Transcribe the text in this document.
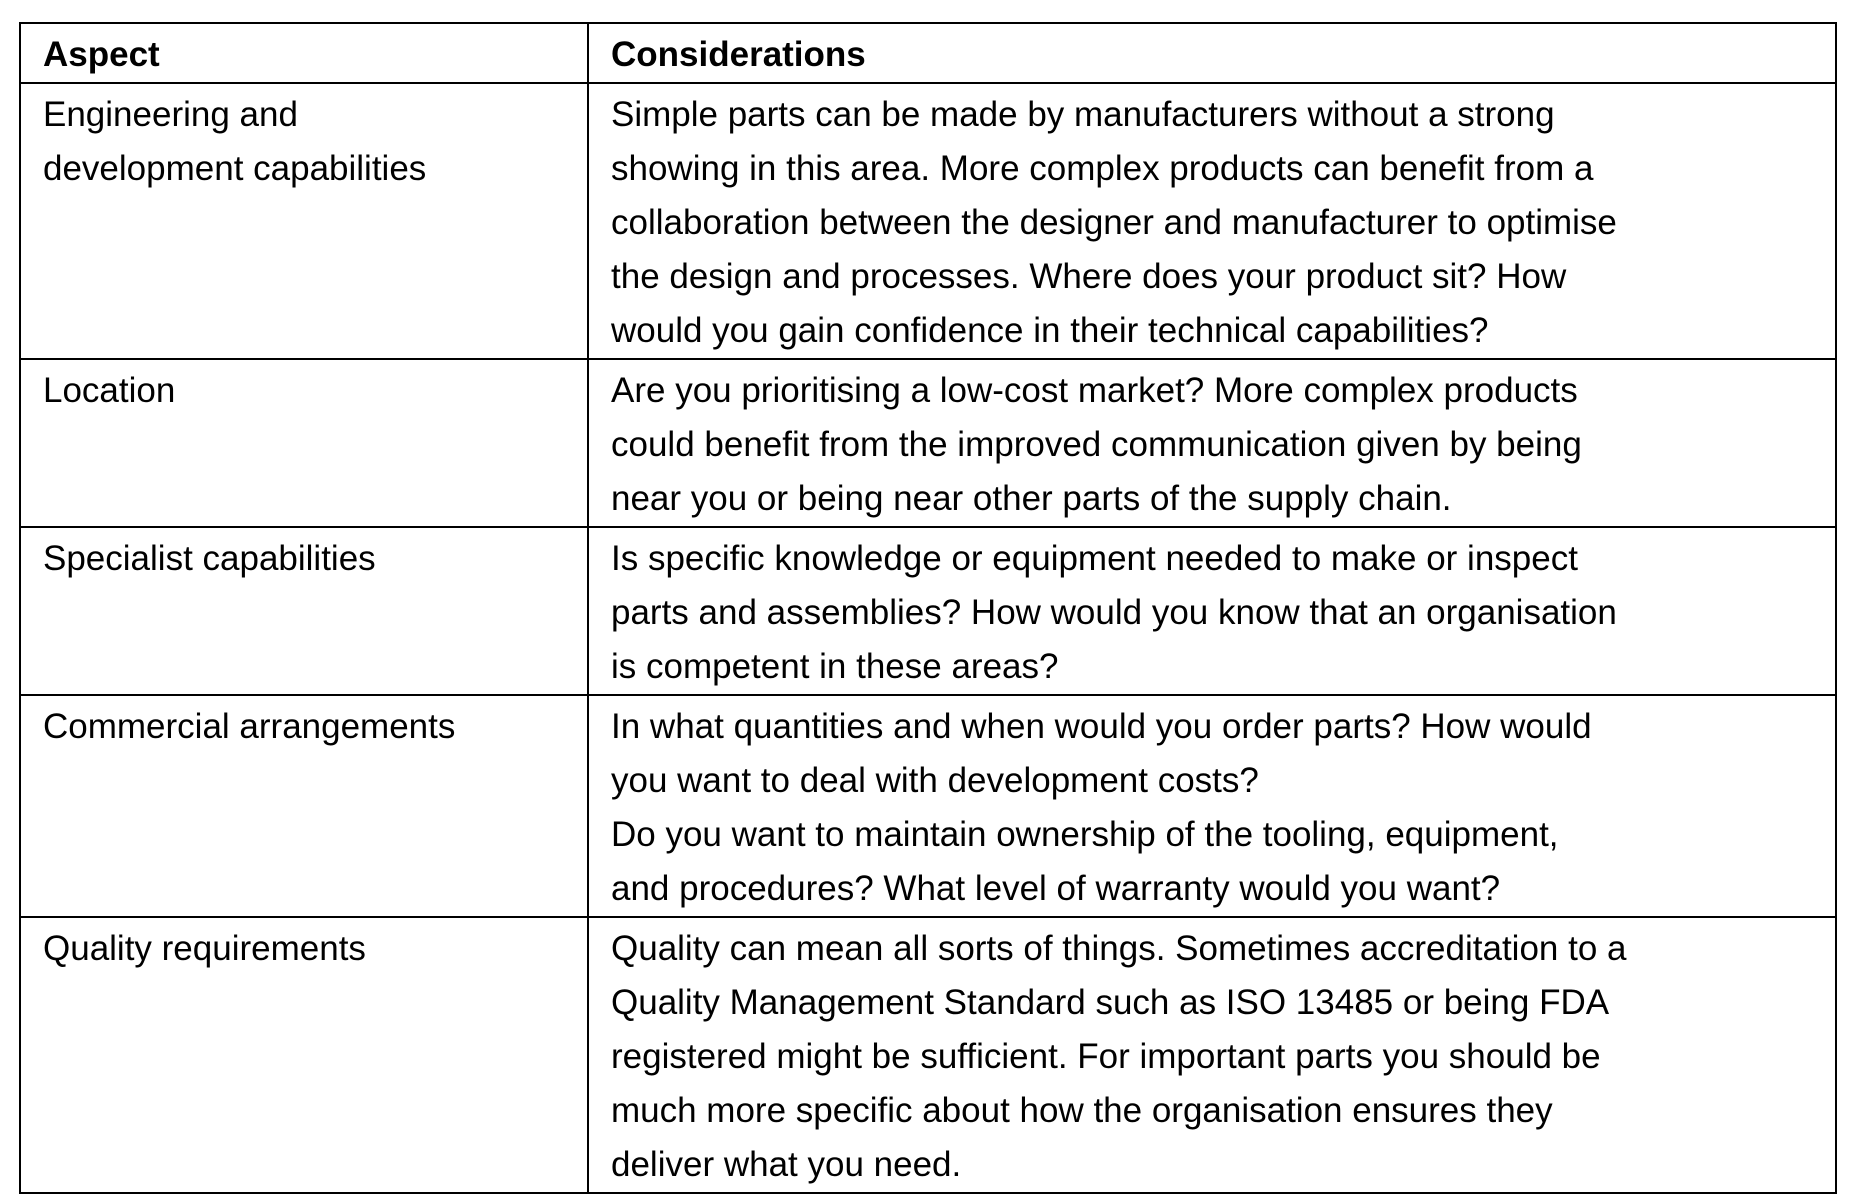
Aspect	Considerations

Engineering and
development capabilities	Simple parts can be made by manufacturers without a strong
showing in this area. More complex products can benefit from a
collaboration between the designer and manufacturer to optimise
the design and processes. Where does your product sit? How
would you gain confidence in their technical capabilities?

Location	Are you prioritising a low-cost market? More complex products
could benefit from the improved communication given by being
near you or being near other parts of the supply chain.

Specialist capabilities	Is specific knowledge or equipment needed to make or inspect
parts and assemblies? How would you know that an organisation
is competent in these areas?

Commercial arrangements	In what quantities and when would you order parts? How would
you want to deal with development costs?
Do you want to maintain ownership of the tooling, equipment,
and procedures? What level of warranty would you want?

Quality requirements	Quality can mean all sorts of things. Sometimes accreditation to a
Quality Management Standard such as ISO 13485 or being FDA
registered might be sufficient. For important parts you should be
much more specific about how the organisation ensures they
deliver what you need.
